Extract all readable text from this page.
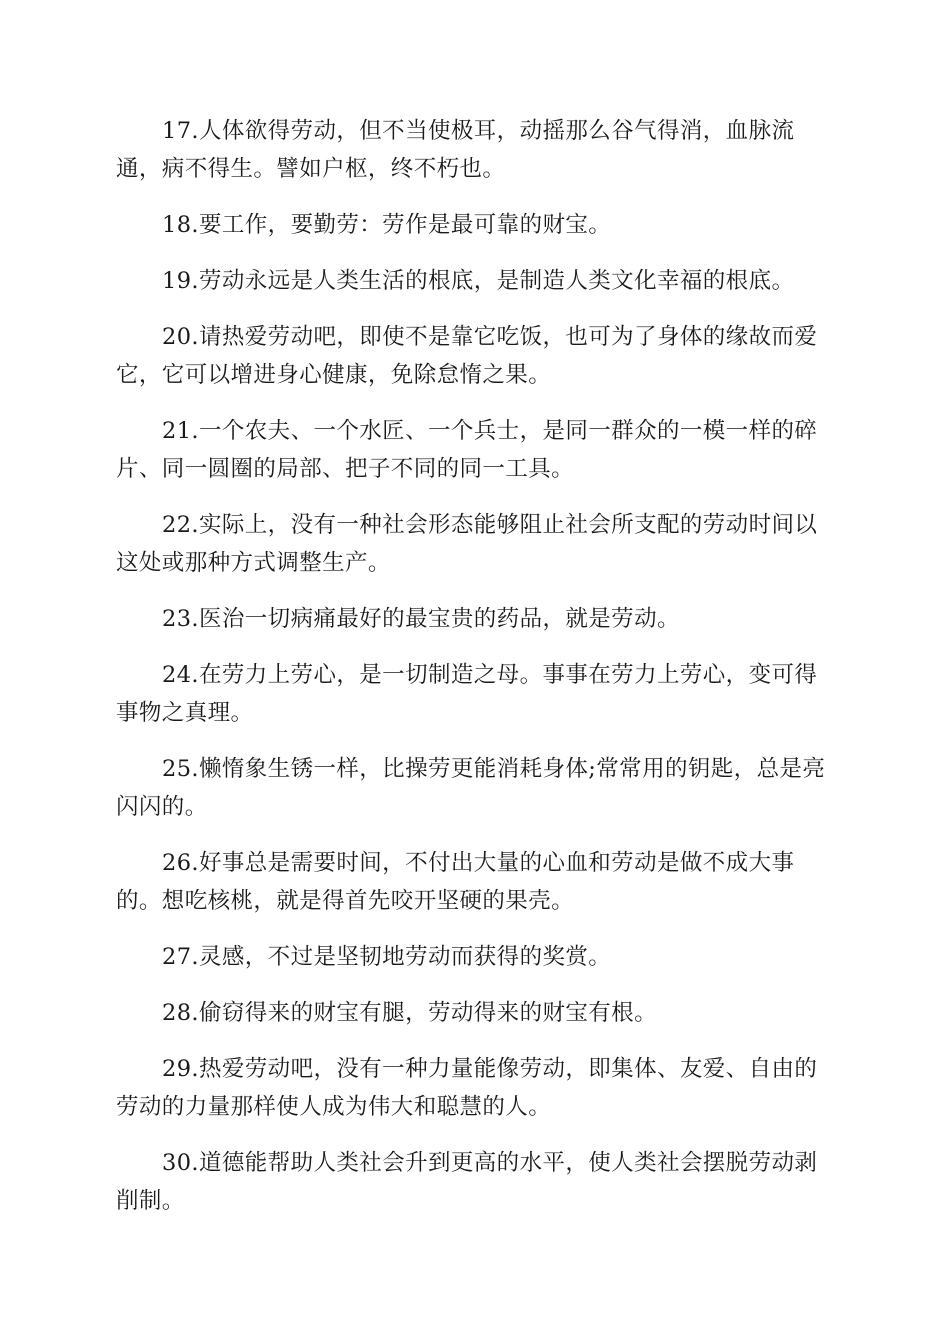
17.人体欲得劳动，但不当使极耳，动摇那么谷气得消，血脉流通，病不得生。譬如户枢，终不朽也。

18.要工作，要勤劳：劳作是最可靠的财宝。

19.劳动永远是人类生活的根底，是制造人类文化幸福的根底。

20.请热爱劳动吧，即使不是靠它吃饭，也可为了身体的缘故而爱它，它可以增进身心健康，免除怠惰之果。

21.一个农夫、一个水匠、一个兵士，是同一群众的一模一样的碎片、同一圆圈的局部、把子不同的同一工具。

22.实际上，没有一种社会形态能够阻止社会所支配的劳动时间以这处或那种方式调整生产。

23.医治一切病痛最好的最宝贵的药品，就是劳动。

24.在劳力上劳心，是一切制造之母。事事在劳力上劳心，变可得事物之真理。

25.懒惰象生锈一样，比操劳更能消耗身体;常常用的钥匙，总是亮闪闪的。

26.好事总是需要时间，不付出大量的心血和劳动是做不成大事的。想吃核桃，就是得首先咬开坚硬的果壳。

27.灵感，不过是坚韧地劳动而获得的奖赏。

28.偷窃得来的财宝有腿，劳动得来的财宝有根。

29.热爱劳动吧，没有一种力量能像劳动，即集体、友爱、自由的劳动的力量那样使人成为伟大和聪慧的人。

30.道德能帮助人类社会升到更高的水平，使人类社会摆脱劳动剥削制。
